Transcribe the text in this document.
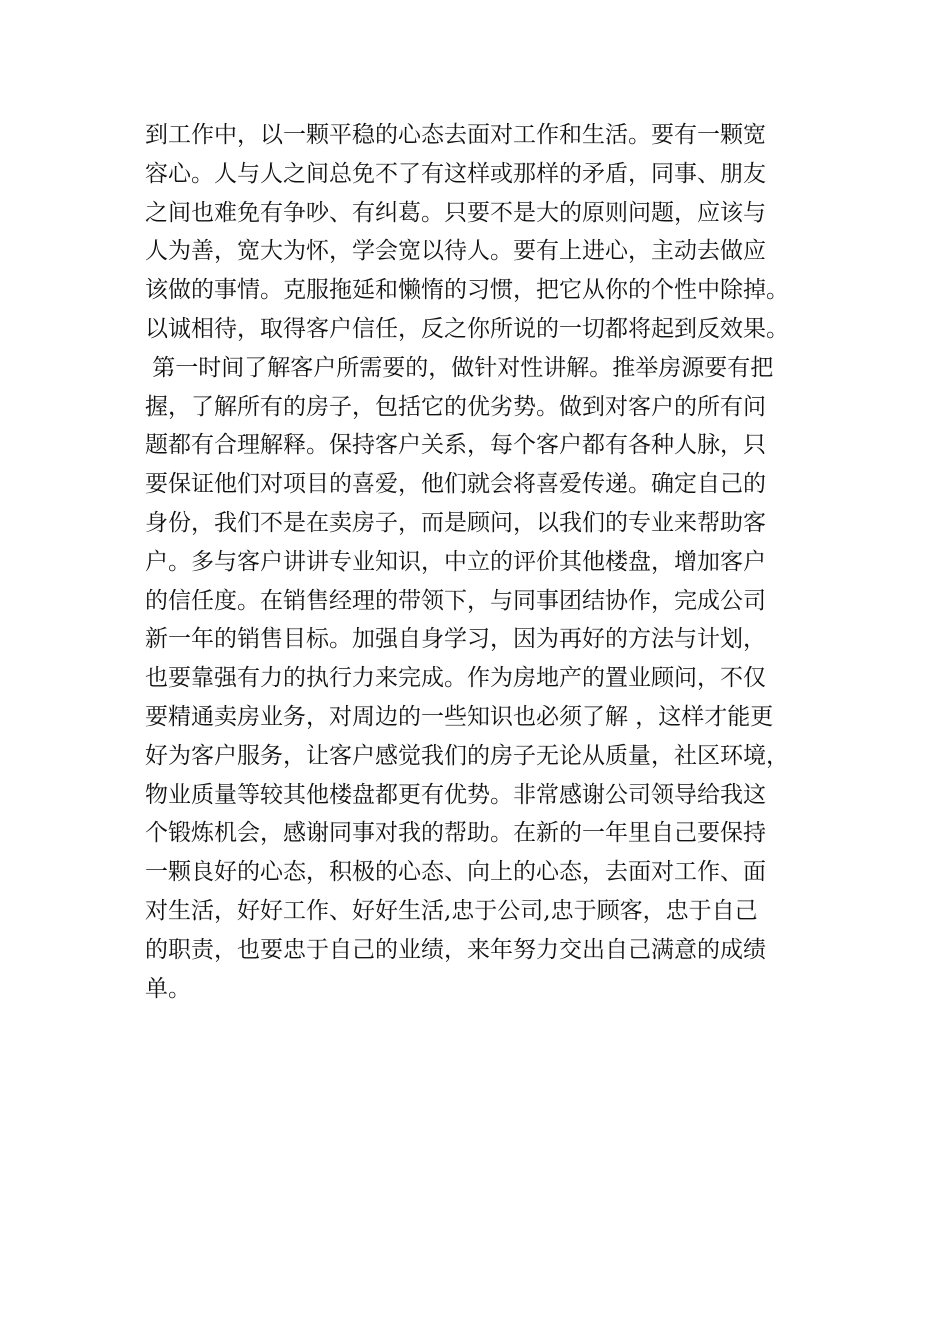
到工作中，以一颗平稳的心态去面对工作和生活。要有一颗宽
容心。人与人之间总免不了有这样或那样的矛盾，同事、朋友
之间也难免有争吵、有纠葛。只要不是大的原则问题，应该与
人为善，宽大为怀，学会宽以待人。要有上进心，主动去做应
该做的事情。克服拖延和懒惰的习惯，把它从你的个性中除掉。
以诚相待，取得客户信任，反之你所说的一切都将起到反效果。
第一时间了解客户所需要的，做针对性讲解。推举房源要有把
握，了解所有的房子，包括它的优劣势。做到对客户的所有问
题都有合理解释。保持客户关系，每个客户都有各种人脉，只
要保证他们对项目的喜爱，他们就会将喜爱传递。确定自己的
身份，我们不是在卖房子，而是顾问，以我们的专业来帮助客
户。多与客户讲讲专业知识，中立的评价其他楼盘，增加客户
的信任度。在销售经理的带领下，与同事团结协作，完成公司
新一年的销售目标。加强自身学习，因为再好的方法与计划，
也要靠强有力的执行力来完成。作为房地产的置业顾问，不仅
要精通卖房业务，对周边的一些知识也必须了解 ，这样才能更
好为客户服务，让客户感觉我们的房子无论从质量，社区环境，
物业质量等较其他楼盘都更有优势。非常感谢公司领导给我这
个锻炼机会，感谢同事对我的帮助。在新的一年里自己要保持
一颗良好的心态，积极的心态、向上的心态，去面对工作、面
对生活，好好工作、好好生活,忠于公司,忠于顾客，忠于自己
的职责，也要忠于自己的业绩，来年努力交出自己满意的成绩
单。
